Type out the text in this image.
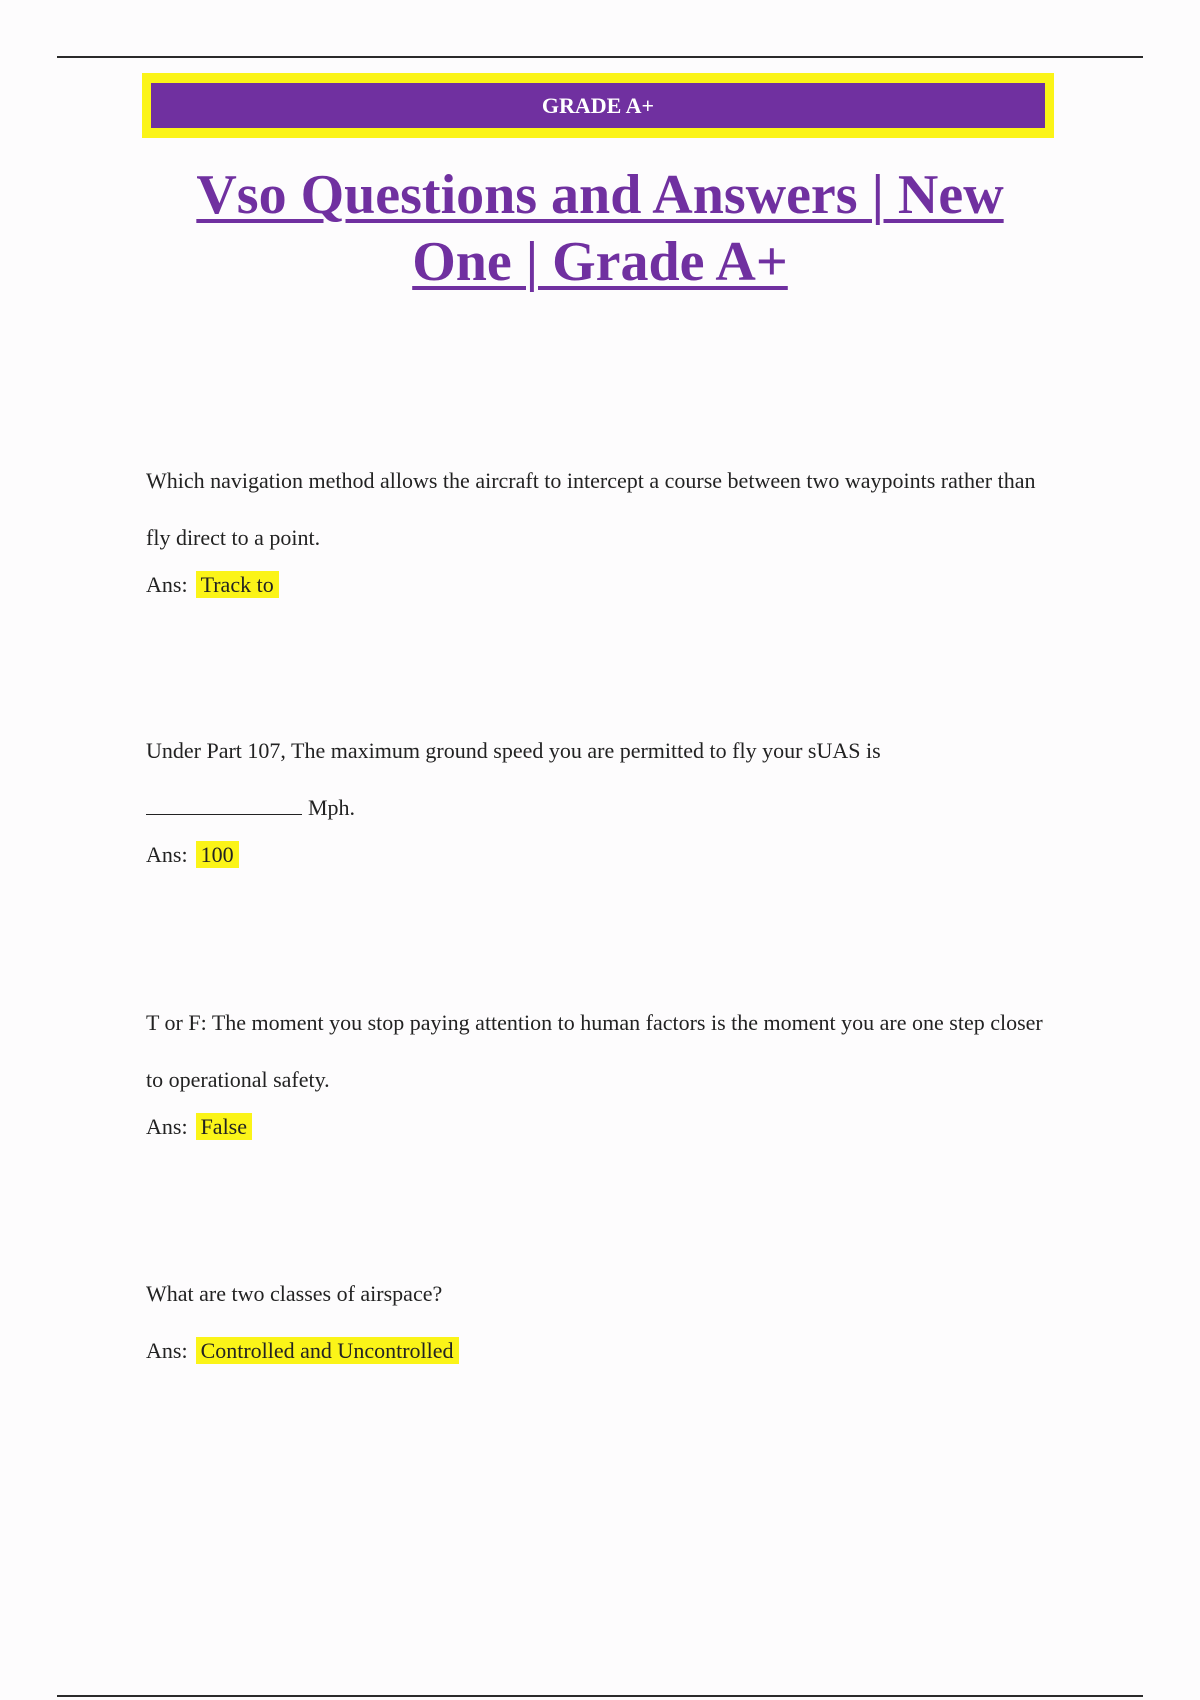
GRADE A+
Vso Questions and Answers | New One | Grade A+

Which navigation method allows the aircraft to intercept a course between two waypoints rather than fly direct to a point.

Ans: Track to

Under Part 107, The maximum ground speed you are permitted to fly your sUAS is
Mph.

Ans: 100

T or F: The moment you stop paying attention to human factors is the moment you are one step closer to operational safety.

Ans: False

What are two classes of airspace?

Ans: Controlled and Uncontrolled
